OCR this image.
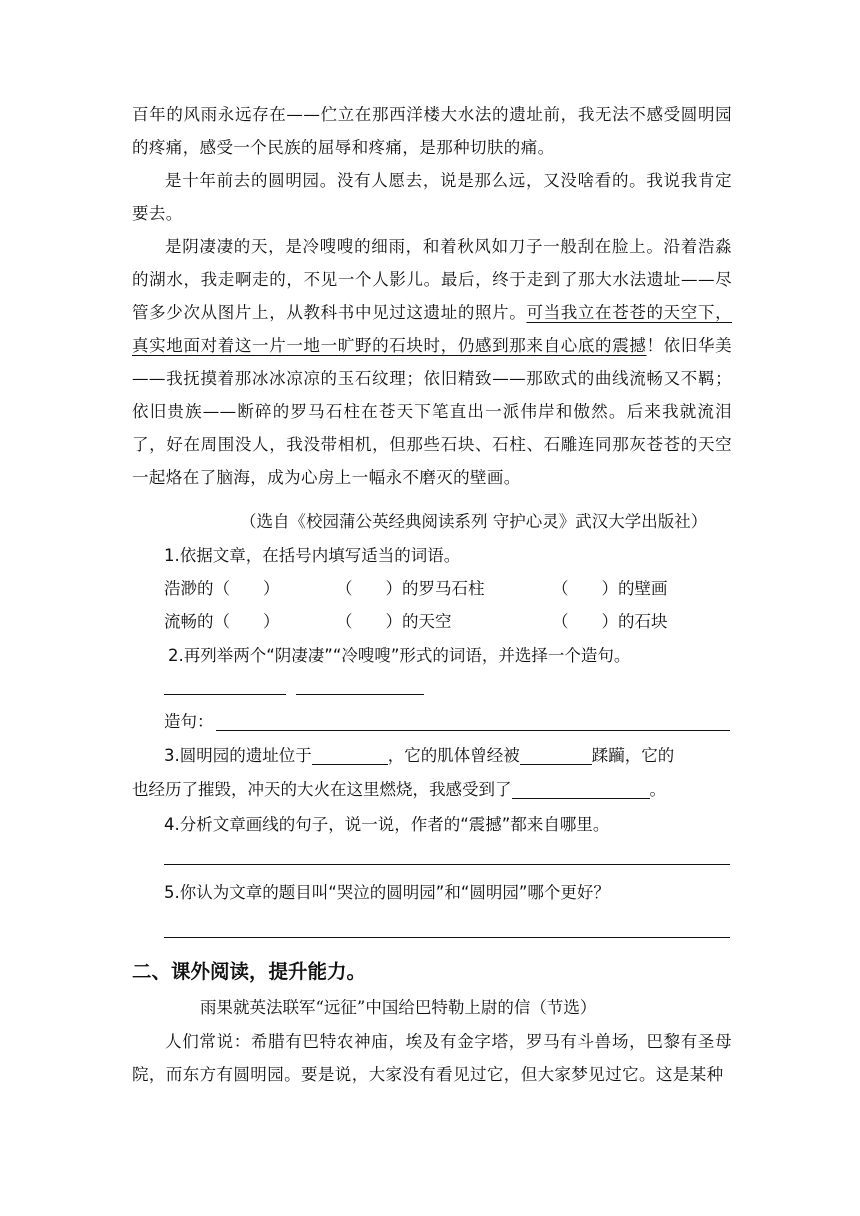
百年的风雨永远存在——伫立在那西洋楼大水法的遗址前，我无法不感受圆明园的疼痛，感受一个民族的屈辱和疼痛，是那种切肤的痛。

是十年前去的圆明园。没有人愿去，说是那么远，又没啥看的。我说我肯定要去。

是阴凄凄的天，是冷嗖嗖的细雨，和着秋风如刀子一般刮在脸上。沿着浩淼的湖水，我走啊走的，不见一个人影儿。最后，终于走到了那大水法遗址——尽管多少次从图片上，从教科书中见过这遗址的照片。可当我立在苍苍的天空下，真实地面对着这一片一地一旷野的石块时，仍感到那来自心底的震撼！依旧华美——我抚摸着那冰冰凉凉的玉石纹理；依旧精致——那欧式的曲线流畅又不羁；依旧贵族——断碎的罗马石柱在苍天下笔直出一派伟岸和傲然。后来我就流泪了，好在周围没人，我没带相机，但那些石块、石柱、石雕连同那灰苍苍的天空一起烙在了脑海，成为心房上一幅永不磨灭的壁画。

（选自《校园蒲公英经典阅读系列 守护心灵》武汉大学出版社）
1.依据文章，在括号内填写适当的词语。
浩渺的（　　）	（　　）的罗马石柱	（　　）的壁画
流畅的（　　）	（　　）的天空	（　　）的石块
2.再列举两个“阴凄凄”“冷嗖嗖”形式的词语，并选择一个造句。
造句：
3.圆明园的遗址位于	，它的肌体曾经被	蹂躏，它的
也经历了摧毁，冲天的大火在这里燃烧，我感受到了	。
4.分析文章画线的句子，说一说，作者的“震撼”都来自哪里。
5.你认为文章的题目叫“哭泣的圆明园”和“圆明园”哪个更好？
二、课外阅读，提升能力。
雨果就英法联军“远征”中国给巴特勒上尉的信（节选）

人们常说：希腊有巴特农神庙，埃及有金字塔，罗马有斗兽场，巴黎有圣母院，而东方有圆明园。要是说，大家没有看见过它，但大家梦见过它。这是某种
